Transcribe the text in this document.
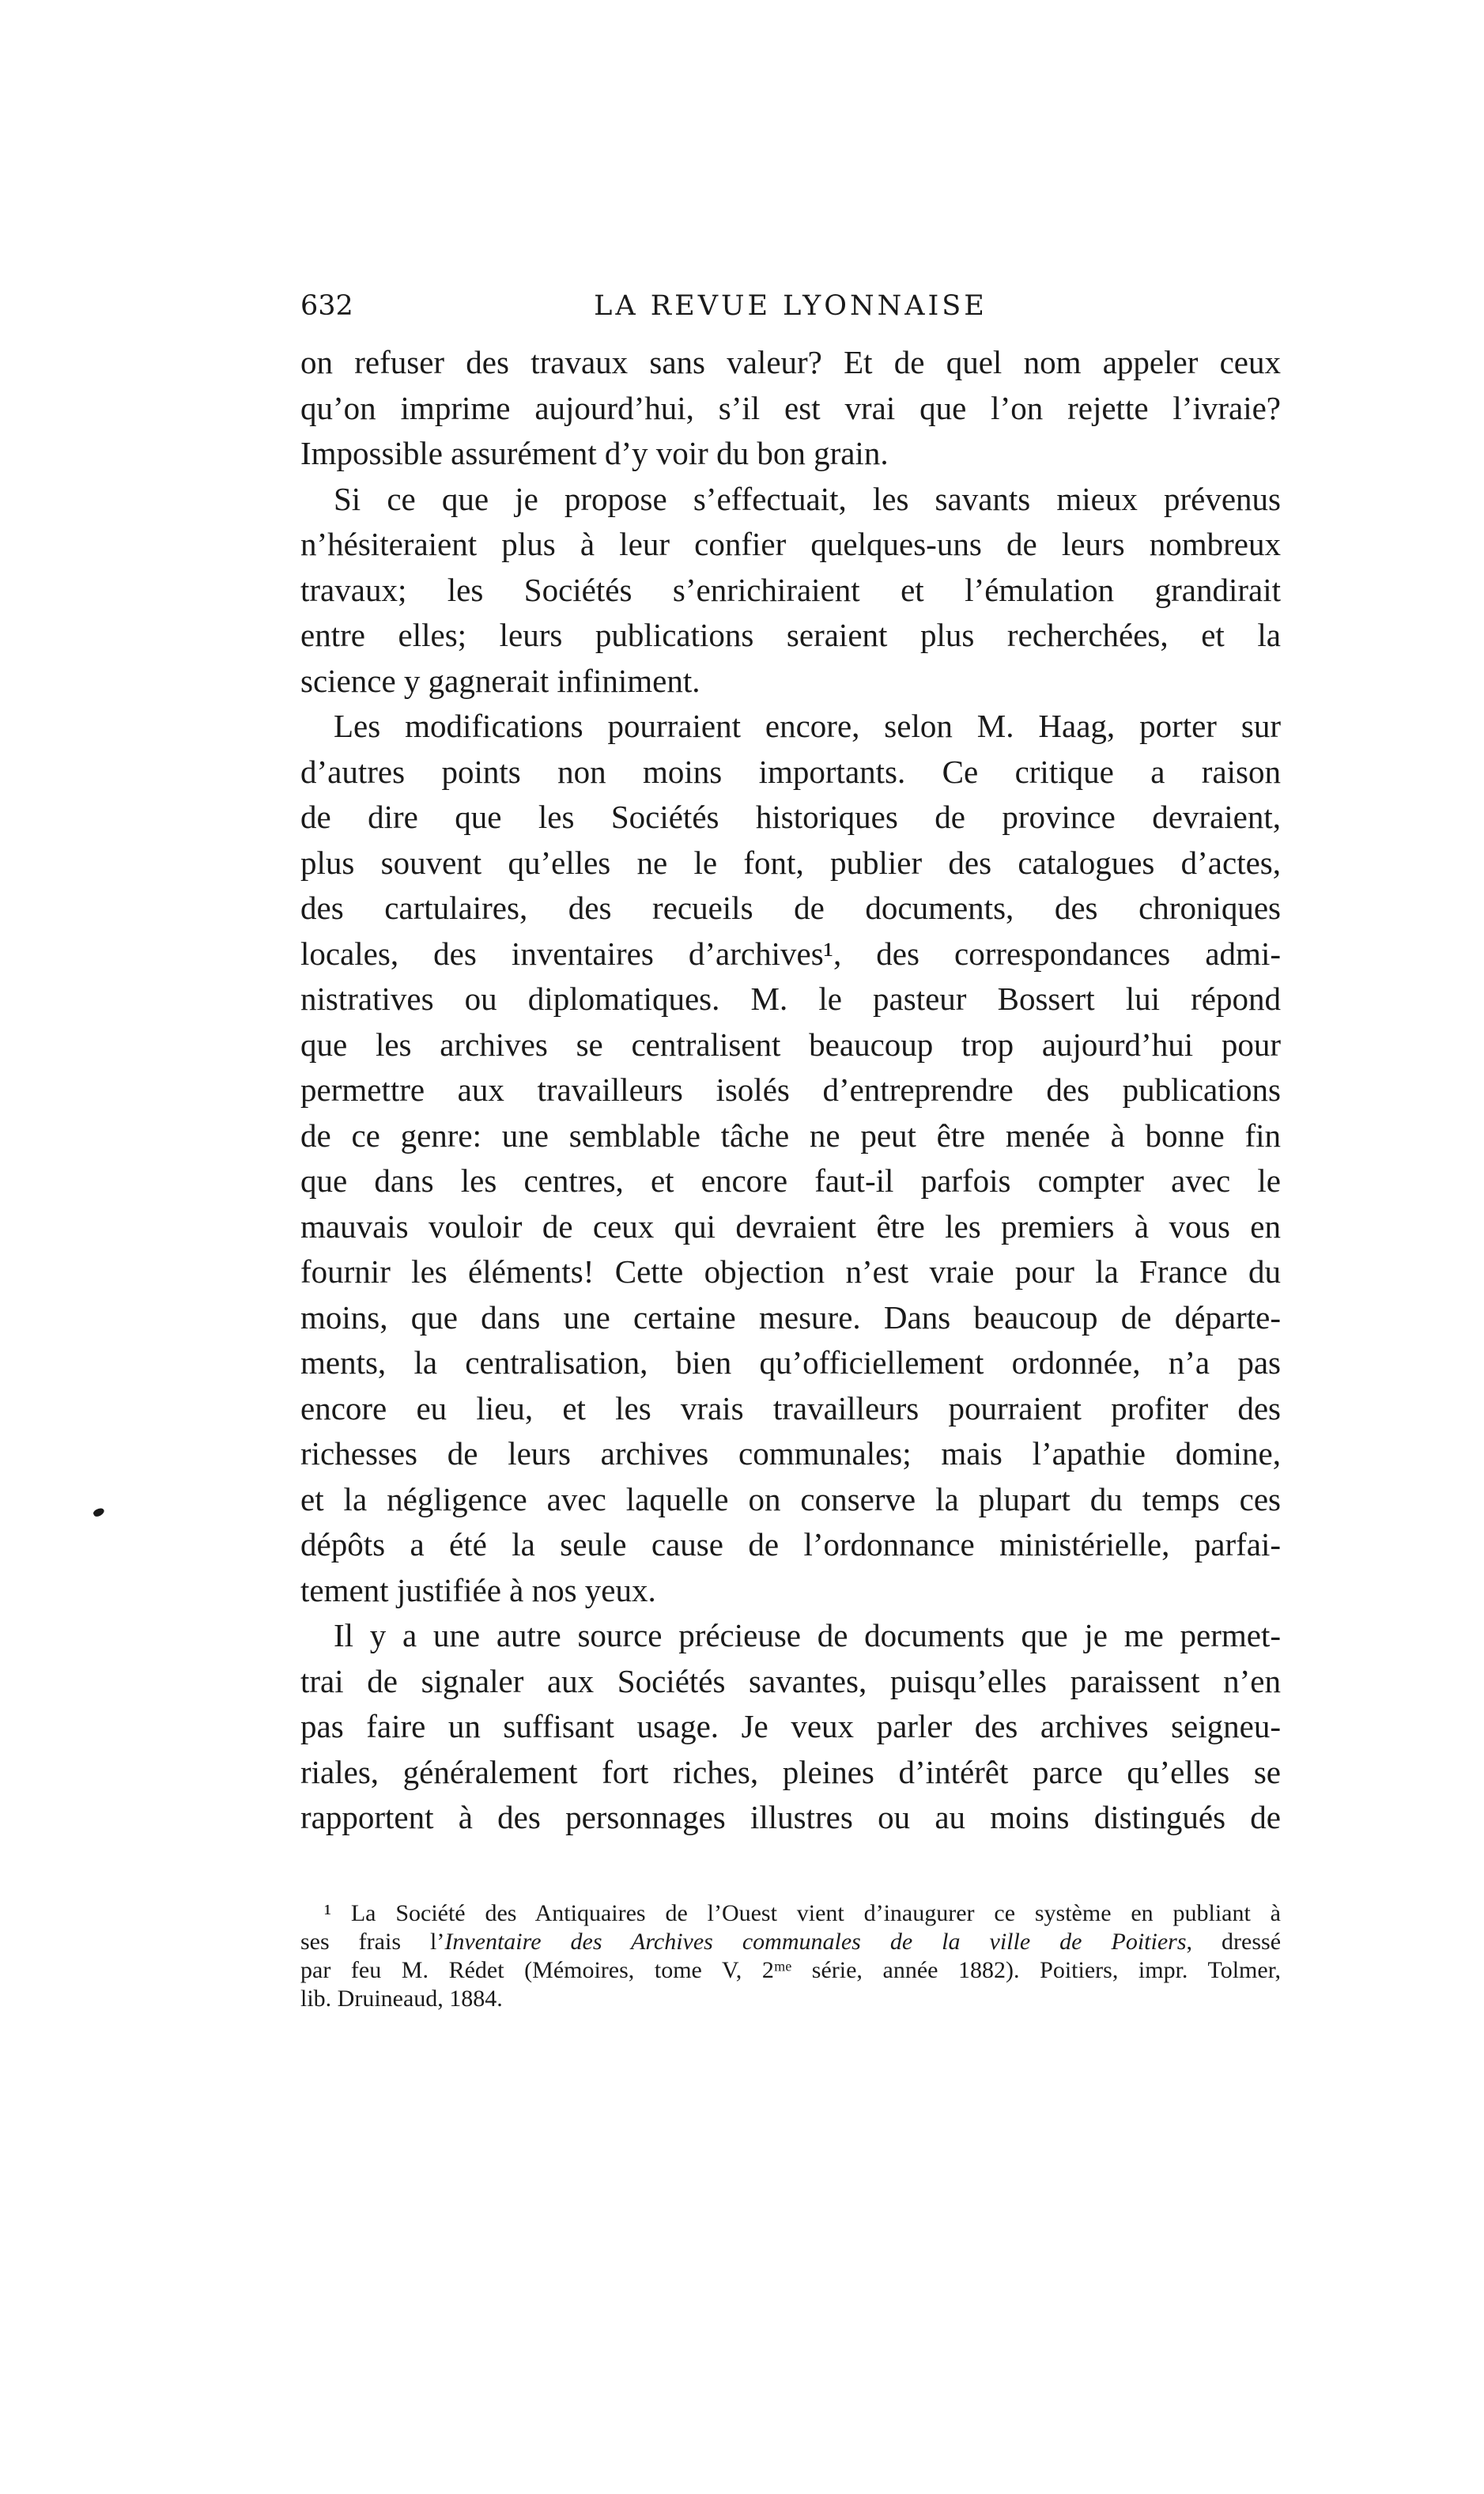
632	LA REVUE LYONNAISE
on refuser des travaux sans valeur? Et de quel nom appeler ceux
qu’on imprime aujourd’hui, s’il est vrai que l’on rejette l’ivraie?
Impossible assurément d’y voir du bon grain.
Si ce que je propose s’effectuait, les savants mieux prévenus
n’hésiteraient plus à leur confier quelques-uns de leurs nombreux
travaux; les Sociétés s’enrichiraient et l’émulation grandirait
entre elles; leurs publications seraient plus recherchées, et la
science y gagnerait infiniment.
Les modifications pourraient encore, selon M. Haag, porter sur
d’autres points non moins importants. Ce critique a raison
de dire que les Sociétés historiques de province devraient,
plus souvent qu’elles ne le font, publier des catalogues d’actes,
des cartulaires, des recueils de documents, des chroniques
locales, des inventaires d’archives¹, des correspondances admi-
nistratives ou diplomatiques. M. le pasteur Bossert lui répond
que les archives se centralisent beaucoup trop aujourd’hui pour
permettre aux travailleurs isolés d’entreprendre des publications
de ce genre: une semblable tâche ne peut être menée à bonne fin
que dans les centres, et encore faut-il parfois compter avec le
mauvais vouloir de ceux qui devraient être les premiers à vous en
fournir les éléments! Cette objection n’est vraie pour la France du
moins, que dans une certaine mesure. Dans beaucoup de départe-
ments, la centralisation, bien qu’officiellement ordonnée, n’a pas
encore eu lieu, et les vrais travailleurs pourraient profiter des
richesses de leurs archives communales; mais l’apathie domine,
et la négligence avec laquelle on conserve la plupart du temps ces
dépôts a été la seule cause de l’ordonnance ministérielle, parfai-
tement justifiée à nos yeux.
Il y a une autre source précieuse de documents que je me permet-
trai de signaler aux Sociétés savantes, puisqu’elles paraissent n’en
pas faire un suffisant usage. Je veux parler des archives seigneu-
riales, généralement fort riches, pleines d’intérêt parce qu’elles se
rapportent à des personnages illustres ou au moins distingués de
¹ La Société des Antiquaires de l’Ouest vient d’inaugurer ce système en publiant à
ses frais l’Inventaire des Archives communales de la ville de Poitiers, dressé
par feu M. Rédet (Mémoires, tome V, 2ᵐᵉ série, année 1882). Poitiers, impr. Tolmer,
lib. Druineaud, 1884.
